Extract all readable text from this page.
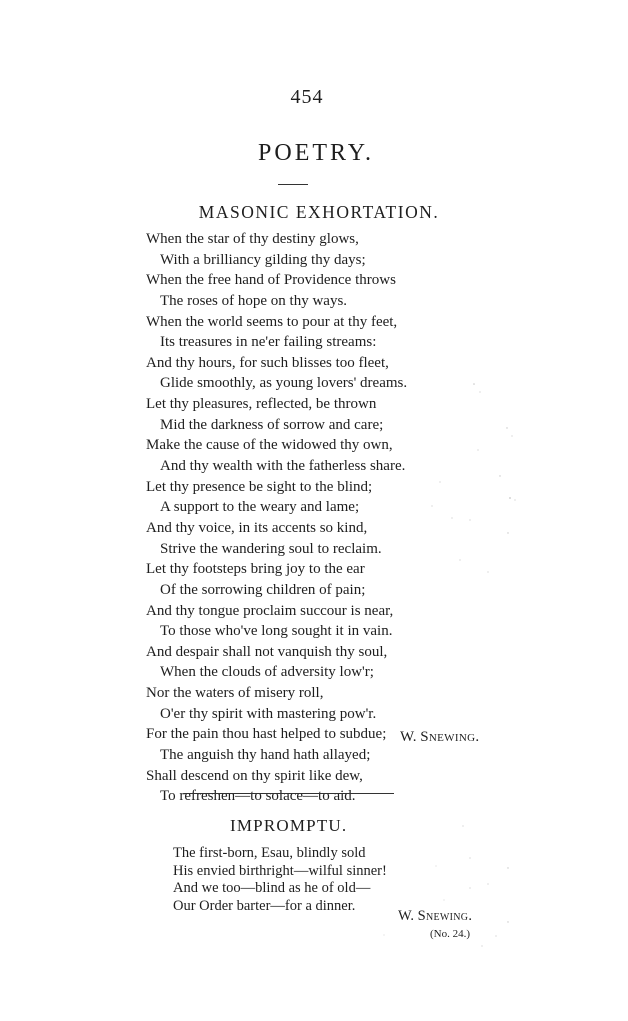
454
POETRY.
MASONIC EXHORTATION.
When the star of thy destiny glows,
With a brilliancy gilding thy days;
When the free hand of Providence throws
The roses of hope on thy ways.
When the world seems to pour at thy feet,
Its treasures in ne'er failing streams:
And thy hours, for such blisses too fleet,
Glide smoothly, as young lovers' dreams.
Let thy pleasures, reflected, be thrown
Mid the darkness of sorrow and care;
Make the cause of the widowed thy own,
And thy wealth with the fatherless share.
Let thy presence be sight to the blind;
A support to the weary and lame;
And thy voice, in its accents so kind,
Strive the wandering soul to reclaim.
Let thy footsteps bring joy to the ear
Of the sorrowing children of pain;
And thy tongue proclaim succour is near,
To those who've long sought it in vain.
And despair shall not vanquish thy soul,
When the clouds of adversity low'r;
Nor the waters of misery roll,
O'er thy spirit with mastering pow'r.
For the pain thou hast helped to subdue;
The anguish thy hand hath allayed;
Shall descend on thy spirit like dew,
To refreshen—to solace—to aid.
W. Snewing.
IMPROMPTU.
The first-born, Esau, blindly sold
His envied birthright—wilful sinner!
And we too—blind as he of old—
Our Order barter—for a dinner.
W. Snewing.
(No. 24.)
